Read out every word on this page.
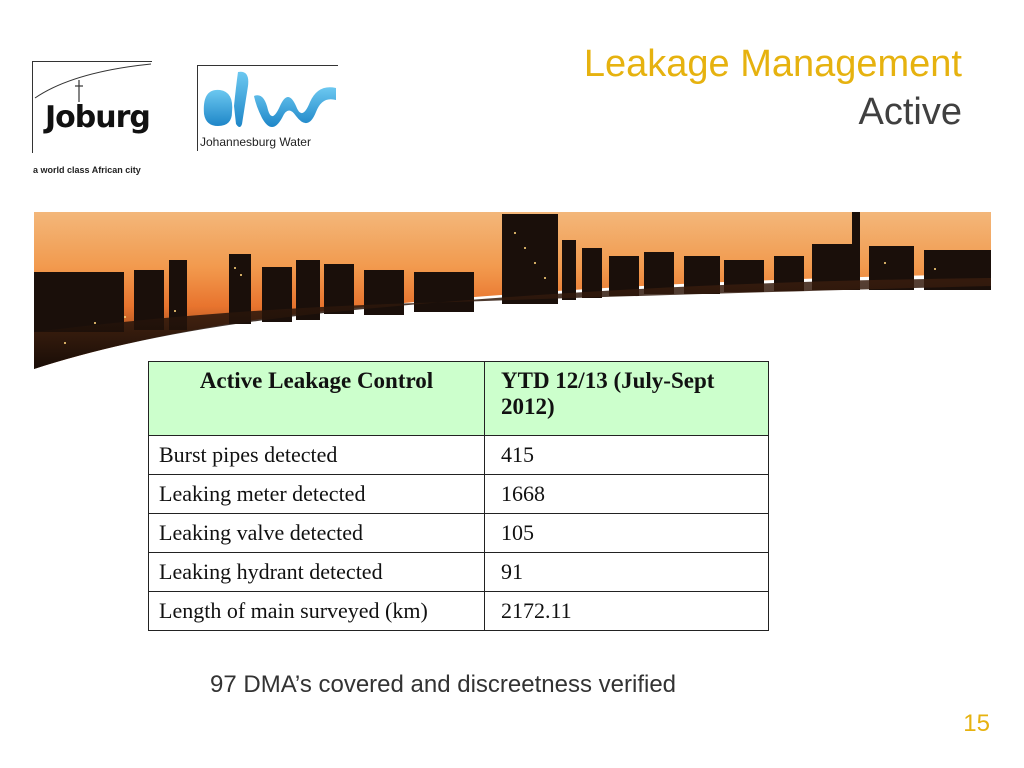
Joburg
a world class African city
Johannesburg Water
Leakage Management
Active
Active Leakage Control	YTD 12/13 (July-Sept 2012)
Burst pipes detected	415
Leaking meter detected	1668
Leaking valve detected	105
Leaking hydrant detected	91
Length of main surveyed (km)	2172.11
97 DMA’s covered and discreetness verified
15
